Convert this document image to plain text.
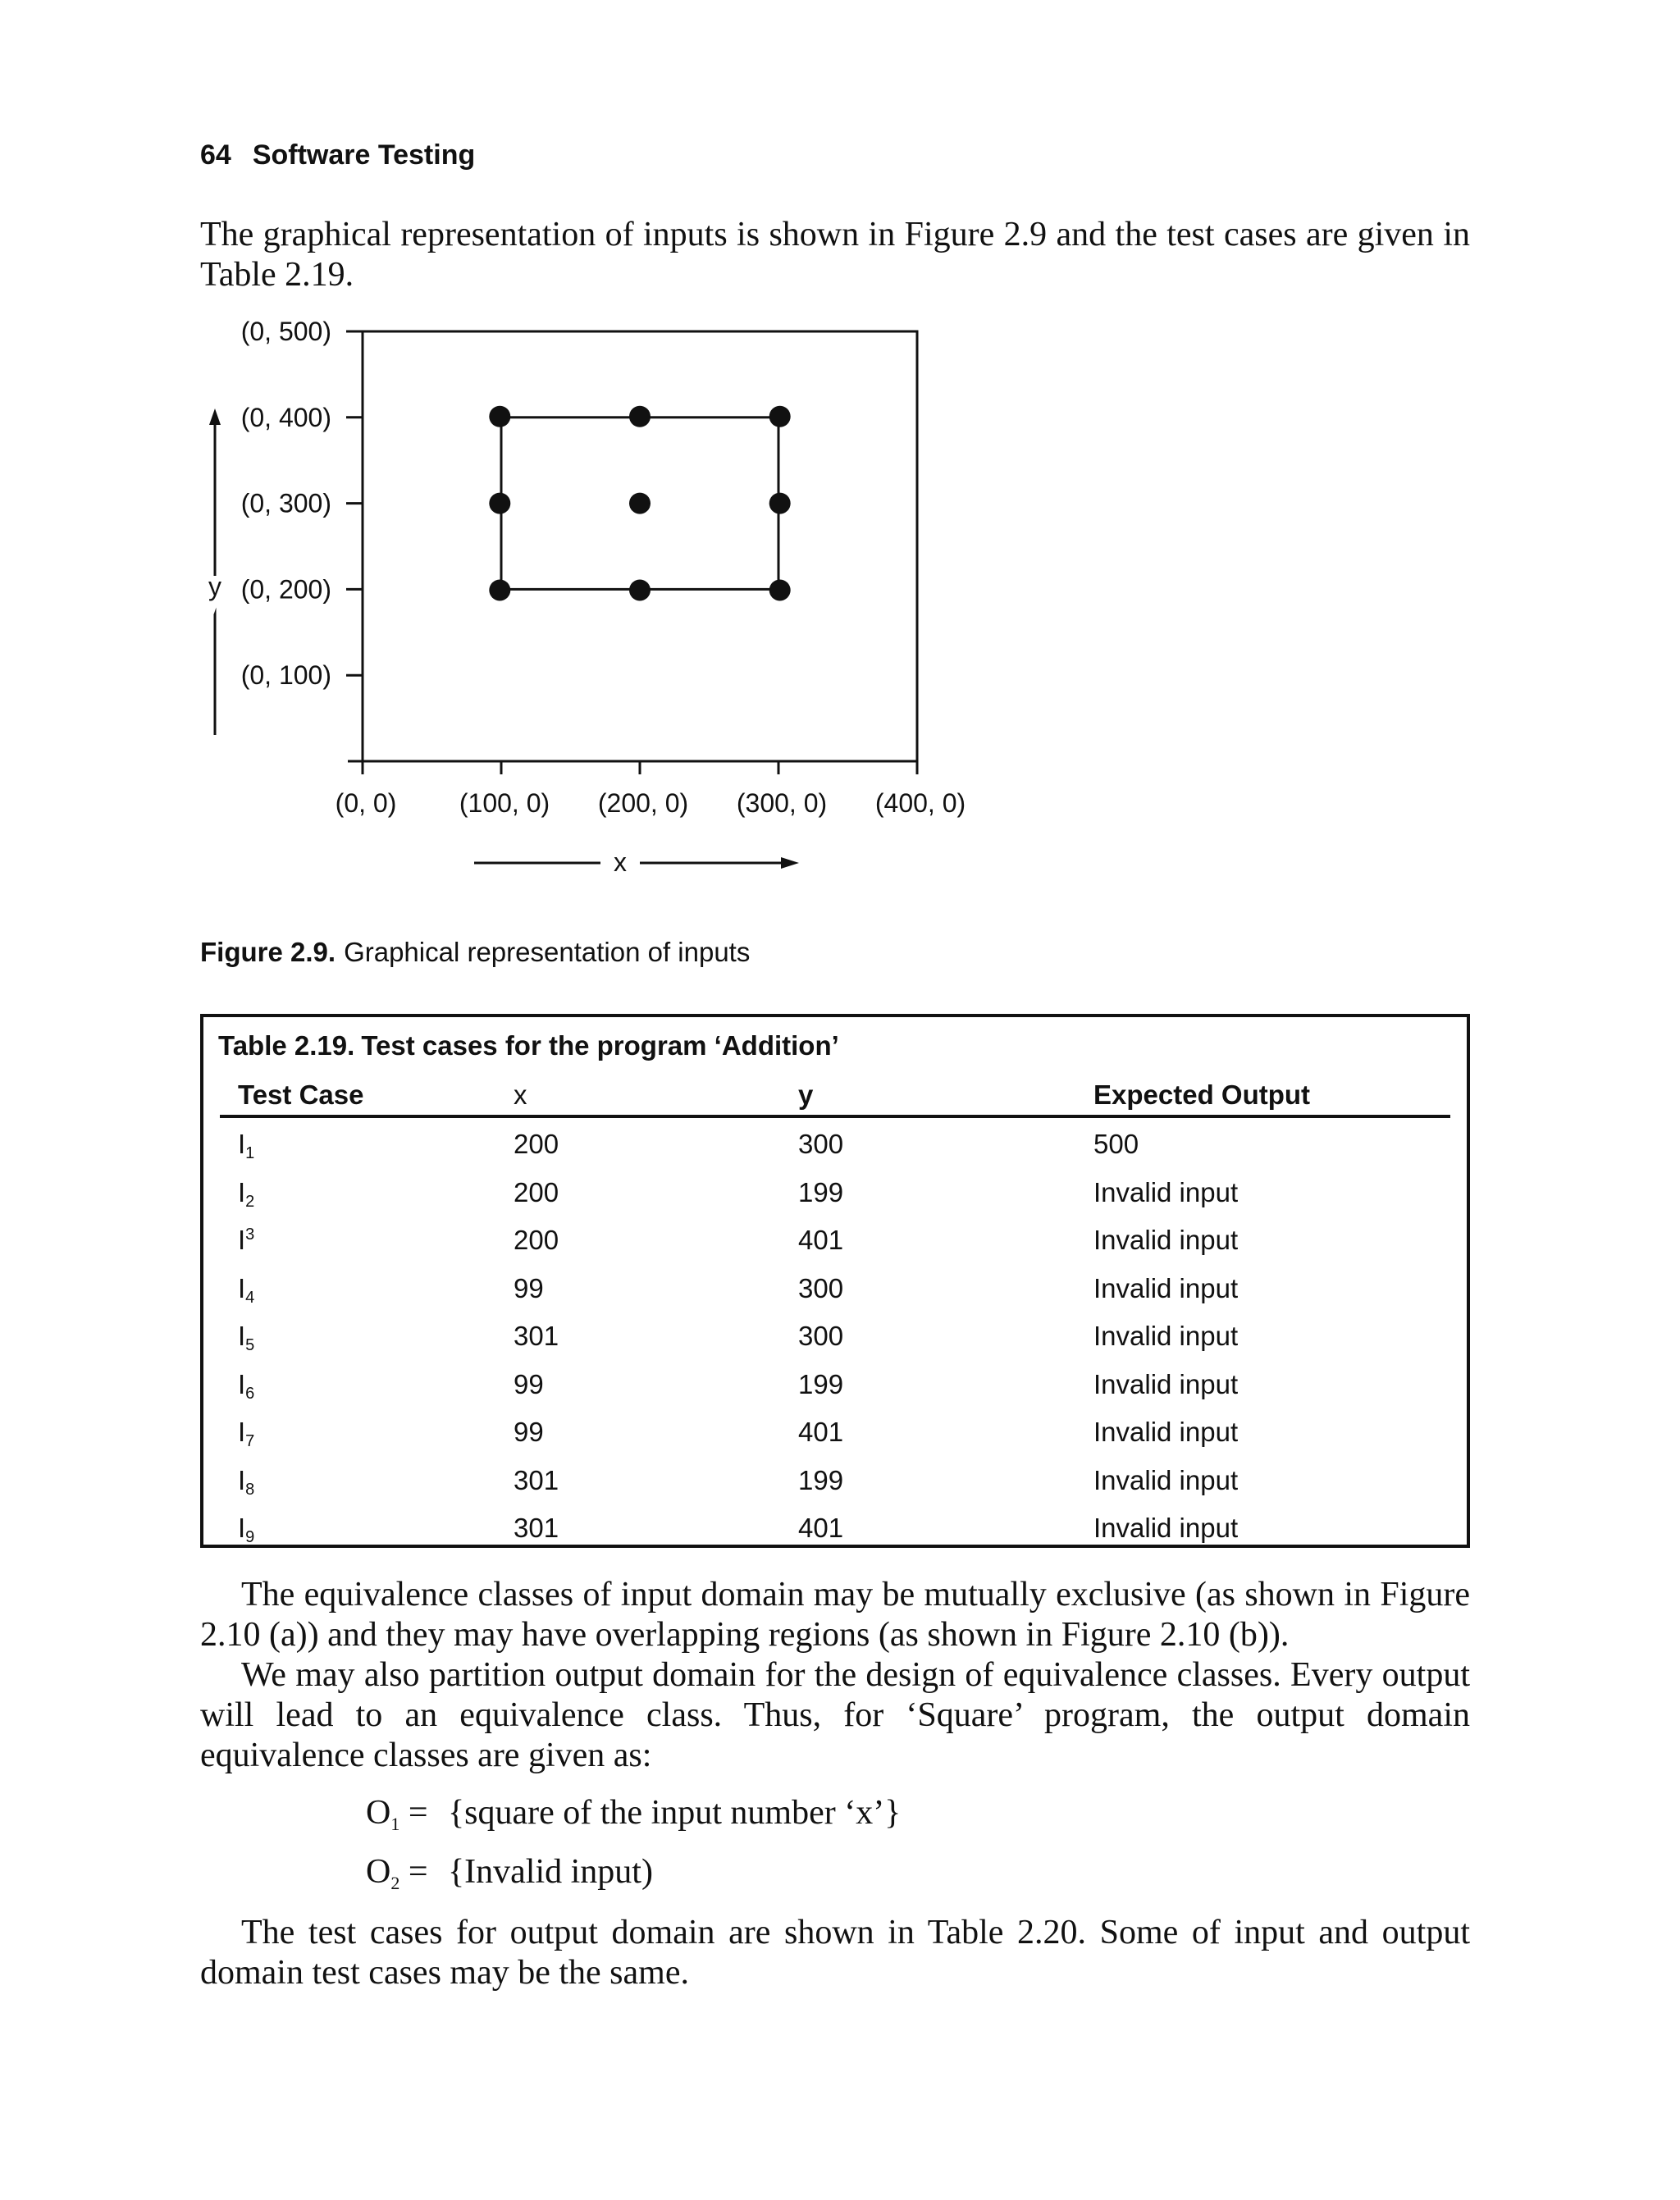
64 Software Testing
The graphical representation of inputs is shown in Figure 2.9 and the test cases are given in Table 2.19.
(0, 500)
(0, 400)
(0, 300)
(0, 200)
(0, 100)
(0, 0) (100, 0) (200, 0) (300, 0) (400, 0)
y
x
Figure 2.9. Graphical representation of inputs
Table 2.19. Test cases for the program ‘Addition’
Test Case	x	y	Expected Output
$I_1$	200	300	500
$I_2$	200	199	Invalid input
$I^3$	200	401	Invalid input
$I_4$	99	300	Invalid input
$I_5$	301	300	Invalid input
$I_6$	99	199	Invalid input
$I_7$	99	401	Invalid input
$I_8$	301	199	Invalid input
$I_9$	301	401	Invalid input
The equivalence classes of input domain may be mutually exclusive (as shown in Figure 2.10 (a)) and they may have overlapping regions (as shown in Figure 2.10 (b)).
We may also partition output domain for the design of equivalence classes. Every output will lead to an equivalence class. Thus, for ‘Square’ program, the output domain equivalence classes are given as:
$O_1$ = {square of the input number ‘x’}
$O_2$ = {Invalid input)
The test cases for output domain are shown in Table 2.20. Some of input and output domain test cases may be the same.
